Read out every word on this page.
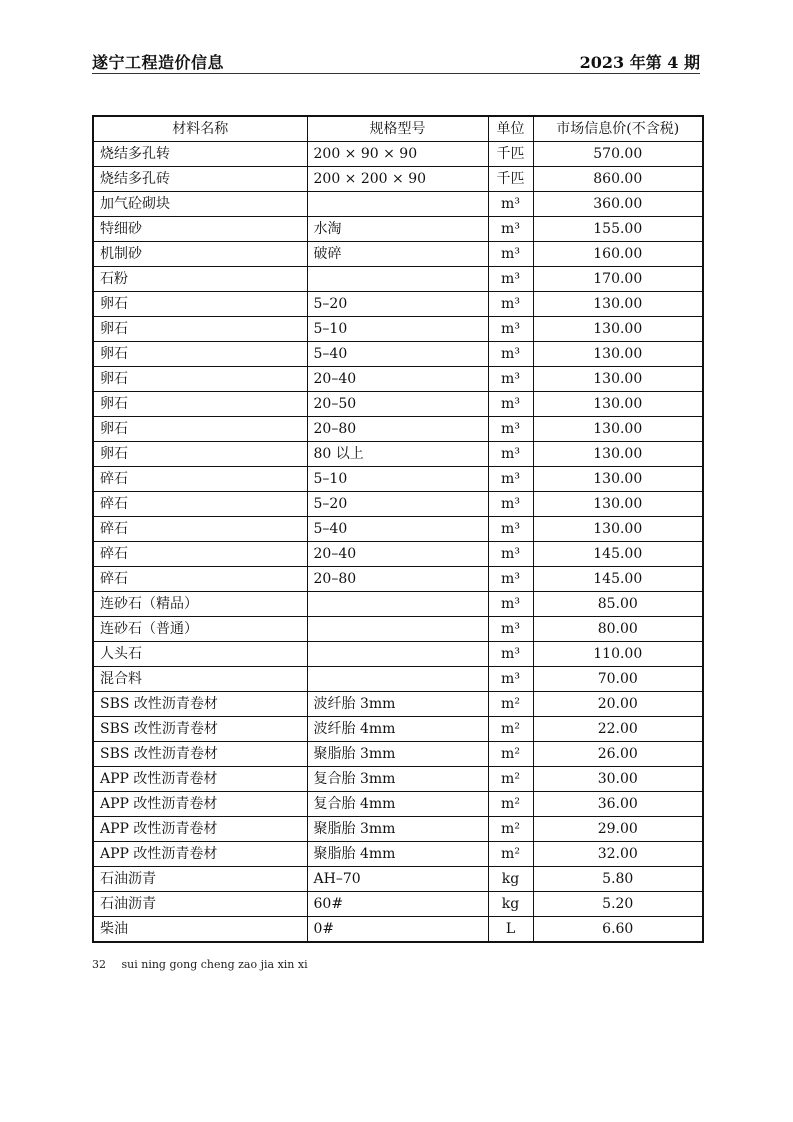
遂宁工程造价信息	2023 年第 4 期
材料名称	规格型号	单位	市场信息价(不含税)
烧结多孔转	200 × 90 × 90	千匹	570.00
烧结多孔砖	200 × 200 × 90	千匹	860.00
加气砼砌块		m³	360.00
特细砂	水淘	m³	155.00
机制砂	破碎	m³	160.00
石粉		m³	170.00
卵石	5–20	m³	130.00
卵石	5–10	m³	130.00
卵石	5–40	m³	130.00
卵石	20–40	m³	130.00
卵石	20–50	m³	130.00
卵石	20–80	m³	130.00
卵石	80 以上	m³	130.00
碎石	5–10	m³	130.00
碎石	5–20	m³	130.00
碎石	5–40	m³	130.00
碎石	20–40	m³	145.00
碎石	20–80	m³	145.00
连砂石（精品）		m³	85.00
连砂石（普通）		m³	80.00
人头石		m³	110.00
混合料		m³	70.00
SBS 改性沥青卷材	波纤胎 3mm	m²	20.00
SBS 改性沥青卷材	波纤胎 4mm	m²	22.00
SBS 改性沥青卷材	聚脂胎 3mm	m²	26.00
APP 改性沥青卷材	复合胎 3mm	m²	30.00
APP 改性沥青卷材	复合胎 4mm	m²	36.00
APP 改性沥青卷材	聚脂胎 3mm	m²	29.00
APP 改性沥青卷材	聚脂胎 4mm	m²	32.00
石油沥青	AH–70	kg	5.80
石油沥青	60#	kg	5.20
柴油	0#	L	6.60
32 sui ning gong cheng zao jia xin xi
